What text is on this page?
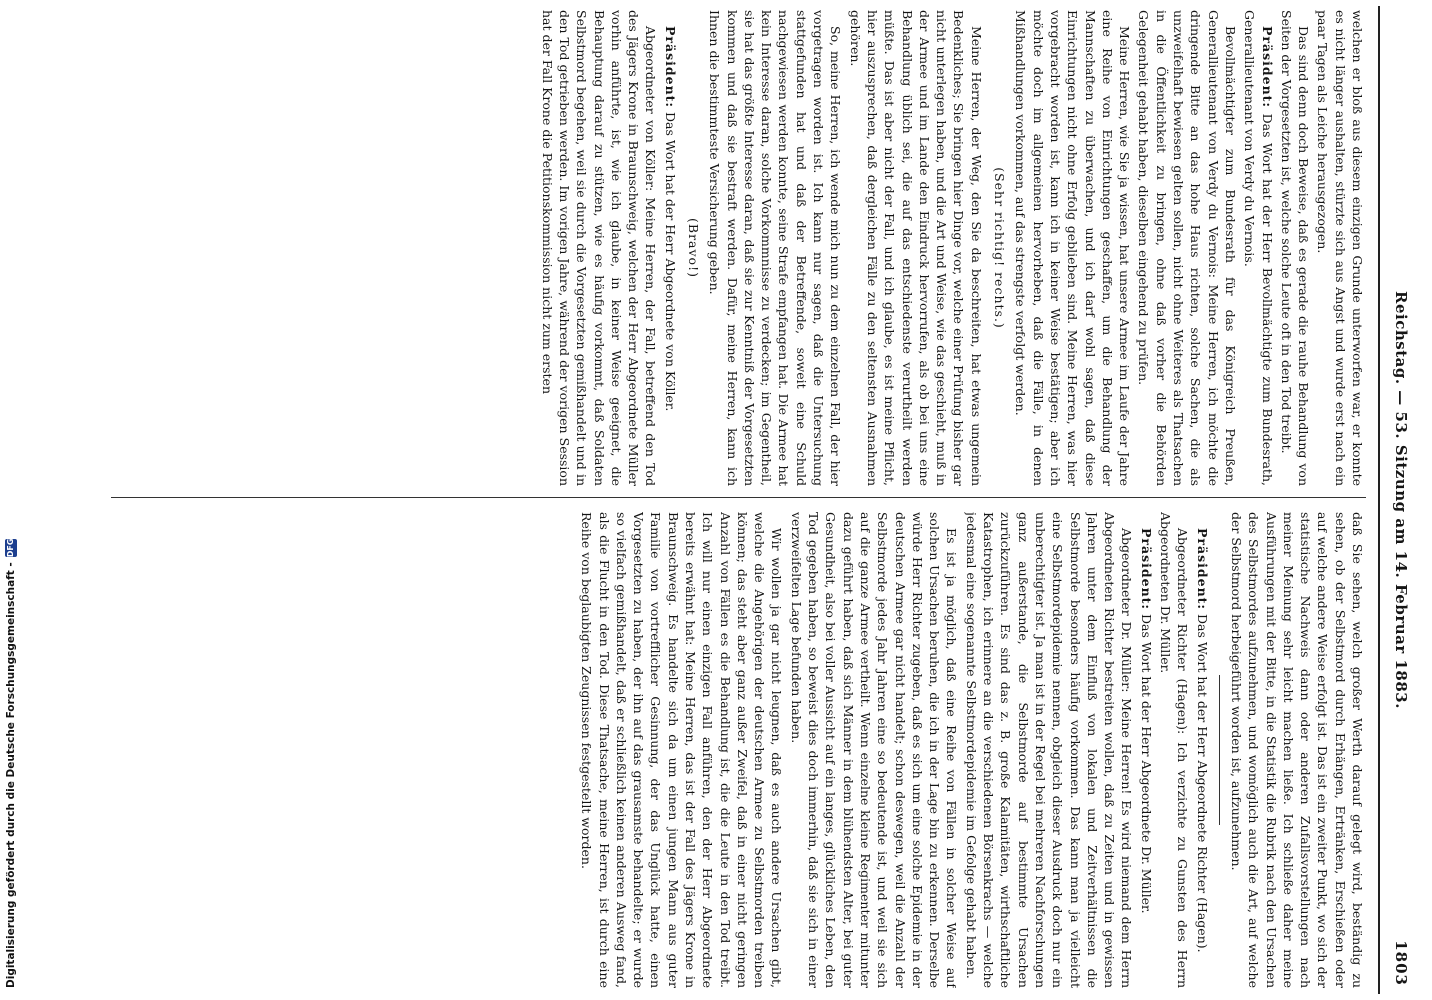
Digitalisierung gefördert durch die Deutsche Forschungsgemeinschaft -
DFG	Reichstag. — 53. Sitzung am 14. Februar 1883.
1803

welchen er bloß aus diesem einzigen Grunde unterworfen war, er konnte es nicht länger aushalten, stürzte sich aus Angst und wurde erst nach ein paar Tagen als Leiche herausgezogen.

Das sind denn doch Beweise, daß es gerade die rauhe Behandlung von Seiten der Vorgesetzten ist, welche solche Leute oft in den Tod treibt.

Präsident: Das Wort hat der Herr Bevollmächtigte zum Bundesrath, Generallieutenant von Verdy du Vernois.

Bevollmächtigter zum Bundesrath für das Königreich Preußen, Generallieutenant von Verdy du Vernois: Meine Herren, ich möchte die dringende Bitte an das hohe Haus richten, solche Sachen, die als unzweifelhaft bewiesen gelten sollen, nicht ohne Weiteres als Thatsachen in die Öffentlichkeit zu bringen, ohne daß vorher die Behörden Gelegenheit gehabt haben, dieselben eingehend zu prüfen.

Meine Herren, wie Sie ja wissen, hat unsere Armee im Laufe der Jahre eine Reihe von Einrichtungen geschaffen, um die Behandlung der Mannschaften zu überwachen, und ich darf wohl sagen, daß diese Einrichtungen nicht ohne Erfolg geblieben sind. Meine Herren, was hier vorgebracht worden ist, kann ich in keiner Weise bestätigen; aber ich möchte doch im allgemeinen hervorheben, daß die Fälle, in denen Mißhandlungen vorkommen, auf das strengste verfolgt werden.

(Sehr richtig! rechts.)

Meine Herren, der Weg, den Sie da beschreiten, hat etwas ungemein Bedenkliches; Sie bringen hier Dinge vor, welche einer Prüfung bisher gar nicht unterlegen haben, und die Art und Weise, wie das geschieht, muß in der Armee und im Lande den Eindruck hervorrufen, als ob bei uns eine Behandlung üblich sei, die auf das entschiedenste verurtheilt werden müßte. Das ist aber nicht der Fall, und ich glaube, es ist meine Pflicht, hier auszusprechen, daß dergleichen Fälle zu den seltensten Ausnahmen gehören.

So, meine Herren, ich wende mich nun zu dem einzelnen Fall, der hier vorgetragen worden ist. Ich kann nur sagen, daß die Untersuchung stattgefunden hat und daß der Betreffende, soweit eine Schuld nachgewiesen werden konnte, seine Strafe empfangen hat. Die Armee hat kein Interesse daran, solche Vorkommnisse zu verdecken; im Gegentheil, sie hat das größte Interesse daran, daß sie zur Kenntniß der Vorgesetzten kommen und daß sie bestraft werden. Dafür, meine Herren, kann ich Ihnen die bestimmteste Versicherung geben.

(Bravo!)

Präsident: Das Wort hat der Herr Abgeordnete von Köller.

Abgeordneter von Köller: Meine Herren, der Fall, betreffend den Tod des Jägers Krone in Braunschweig, welchen der Herr Abgeordnete Müller vorhin anführte, ist, wie ich glaube, in keiner Weise geeignet, die Behauptung darauf zu stützen, wie es häufig vorkommt, daß Soldaten Selbstmord begehen, weil sie durch die Vorgesetzten gemißhandelt und in den Tod getrieben werden. Im vorigen Jahre, während der vorigen Session hat der Fall Krone die Petitionskommission nicht zum ersten

daß Sie sehen, welch großer Werth darauf gelegt wird, beständig zu sehen, ob der Selbstmord durch Erhängen, Ertränken, Erschießen oder auf welche andere Weise erfolgt ist. Das ist ein zweiter Punkt, wo sich der statistische Nachweis dann oder anderen Zufallsvorstellungen nach meiner Meinung sehr leicht machen ließe. Ich schließe daher meine Ausführungen mit der Bitte, in die Statistik die Rubrik nach den Ursachen des Selbstmordes aufzunehmen, und womöglich auch die Art, auf welche der Selbstmord herbeigeführt worden ist, aufzunehmen.

Präsident: Das Wort hat der Herr Abgeordnete Richter (Hagen).

Abgeordneter Richter (Hagen): Ich verzichte zu Gunsten des Herrn Abgeordneten Dr. Müller.

Präsident: Das Wort hat der Herr Abgeordnete Dr. Müller.

Abgeordneter Dr. Müller: Meine Herren! Es wird niemand dem Herrn Abgeordneten Richter bestreiten wollen, daß zu Zeiten und in gewissen Jahren unter dem Einfluß von lokalen und Zeitverhältnissen die Selbstmorde besonders häufig vorkommen. Das kann man ja vielleicht eine Selbstmordepidemie nennen, obgleich dieser Ausdruck doch nur ein unberechtigter ist. Ja man ist in der Regel bei mehreren Nachforschungen ganz außerstande, die Selbstmorde auf bestimmte Ursachen zurückzuführen. Es sind das z. B. große Kalamitäten, wirthschaftliche Katastrophen, ich erinnere an die verschiedenen Börsenkrachs — welche jedesmal eine sogenannte Selbstmordepidemie im Gefolge gehabt haben.

Es ist ja möglich, daß eine Reihe von Fällen in solcher Weise auf solchen Ursachen beruhen, die ich in der Lage bin zu erkennen. Derselbe würde Herr Richter zugeben, daß es sich um eine solche Epidemie in der deutschen Armee gar nicht handelt; schon deswegen, weil die Anzahl der Selbstmorde jedes Jahr Jahren eine so bedeutende ist, und weil sie sich auf die ganze Armee vertheilt. Wenn einzelne kleine Regimenter mitunter dazu geführt haben, daß sich Männer in dem blühendsten Alter, bei guter Gesundheit, also bei voller Aussicht auf ein langes, glückliches Leben, den Tod gegeben haben, so beweist dies doch immerhin, daß sie sich in einer verzweifelten Lage befunden haben.

Wir wollen ja gar nicht leugnen, daß es auch andere Ursachen gibt, welche die Angehörigen der deutschen Armee zu Selbstmorden treiben können; das steht aber ganz außer Zweifel, daß in einer nicht geringen Anzahl von Fällen es die Behandlung ist, die die Leute in den Tod treibt. Ich will nur einen einzigen Fall anführen, den der Herr Abgeordnete bereits erwähnt hat: Meine Herren, das ist der Fall des Jägers Krone in Braunschweig. Es handelte sich da um einen jungen Mann aus guter Familie von vortrefflicher Gesinnung, der das Unglück hatte, einen Vorgesetzten zu haben, der ihn auf das grausamste behandelte; er wurde so vielfach gemißhandelt, daß er schließlich keinen anderen Ausweg fand, als die Flucht in den Tod. Diese Thatsache, meine Herren, ist durch eine Reihe von beglaubigten Zeugnissen festgestellt worden.
